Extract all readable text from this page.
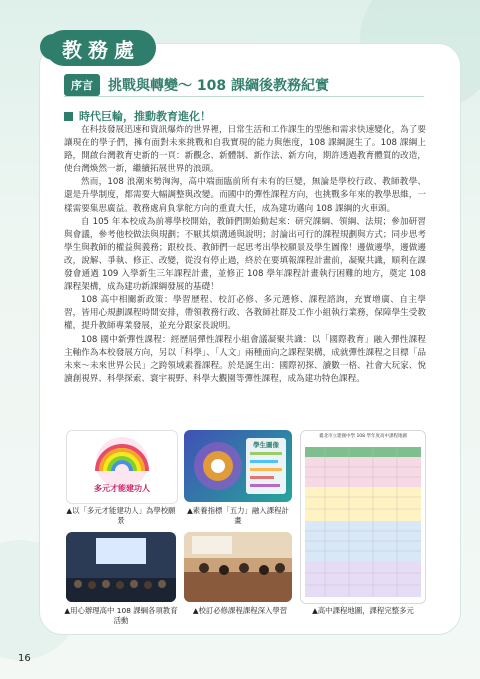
教務處
序言	挑戰與轉變～ 108 課綱後教務紀實
時代巨輪，推動教育進化！

在科技發展迅速和資訊爆炸的世界裡，日常生活和工作課生的型態和需求快速變化，為了要讓現在的學子們，擁有面對未來挑戰和自我實現的能力與態度，108 課綱誕生了。108 課綱上路，開啟台灣教育史新的一頁：新觀念、新體制、新作法、新方向，期許透過教育體質的改造，使台灣煥然一新，繼續拓展世界的浪頭。

然而，108 浪潮來勢洶洶，高中端面臨前所有未有的巨變，無論是學校行政、教師教學、還是升學制度，都需要大幅調整與改變。而國中的彈性課程方向，也挑戰多年來的教學思維，一樣需要集思廣益。教務處肩負掌舵方向的重責大任，成為建功邁向 108 課綱的火車頭。

自 105 年本校成為前導學校開始，教師們開始動起來：研究課綱、領綱、法規；參加研習與會議，參考他校做法與規劃；不厭其煩溝通與說明；討論出可行的課程規劃與方式；同步思考學生與教師的權益與義務；跟校長、教師們一起思考出學校願景及學生圖像！邊做邊學，邊做邊改，說解、爭執、修正、改變，從沒有停止過，終於在要填報課程計畫前，凝聚共識，順利在課發會通過 109 入學新生三年課程計畫，並修正 108 學年課程計畫執行困難的地方，奠定 108 課程架構，成為建功新課綱發展的基礎！

108 高中相關新政策：學習歷程、校訂必修、多元選修、課程諮詢，充實增廣、自主學習，皆用心規劃課程時間安排，帶領教務行政、各教師社群及工作小組執行業務，保障學生受教權，提升教師專業發展，並充分跟家長說明。

108 國中新彈性課程：經歷屆彈性課程小組會議凝聚共識：以「國際教育」融入彈性課程主軸作為本校發展方向，另以「科學」、「人文」兩種面向之課程架構，成就彈性課程之目標「品未來～未來世界公民」之跨領域素養課程。於是誕生出：國際初探、讀數一格、社會大玩家、悅讀創視界、科學探索、寰宇視野、科學大觀園等彈性課程，成為建功特色課程。

多元才能建功人
▲以「多元才能建功人」為學校願景
學生圖像
▲素養指標「五力」融入課程計畫
▲用心辦理高中 108 課綱各項教育活動
▲校訂必修課程課程深入學習
臺北市立建國中學 108 學年度高中課程地圖
▲高中課程地圖，課程完整多元
16
